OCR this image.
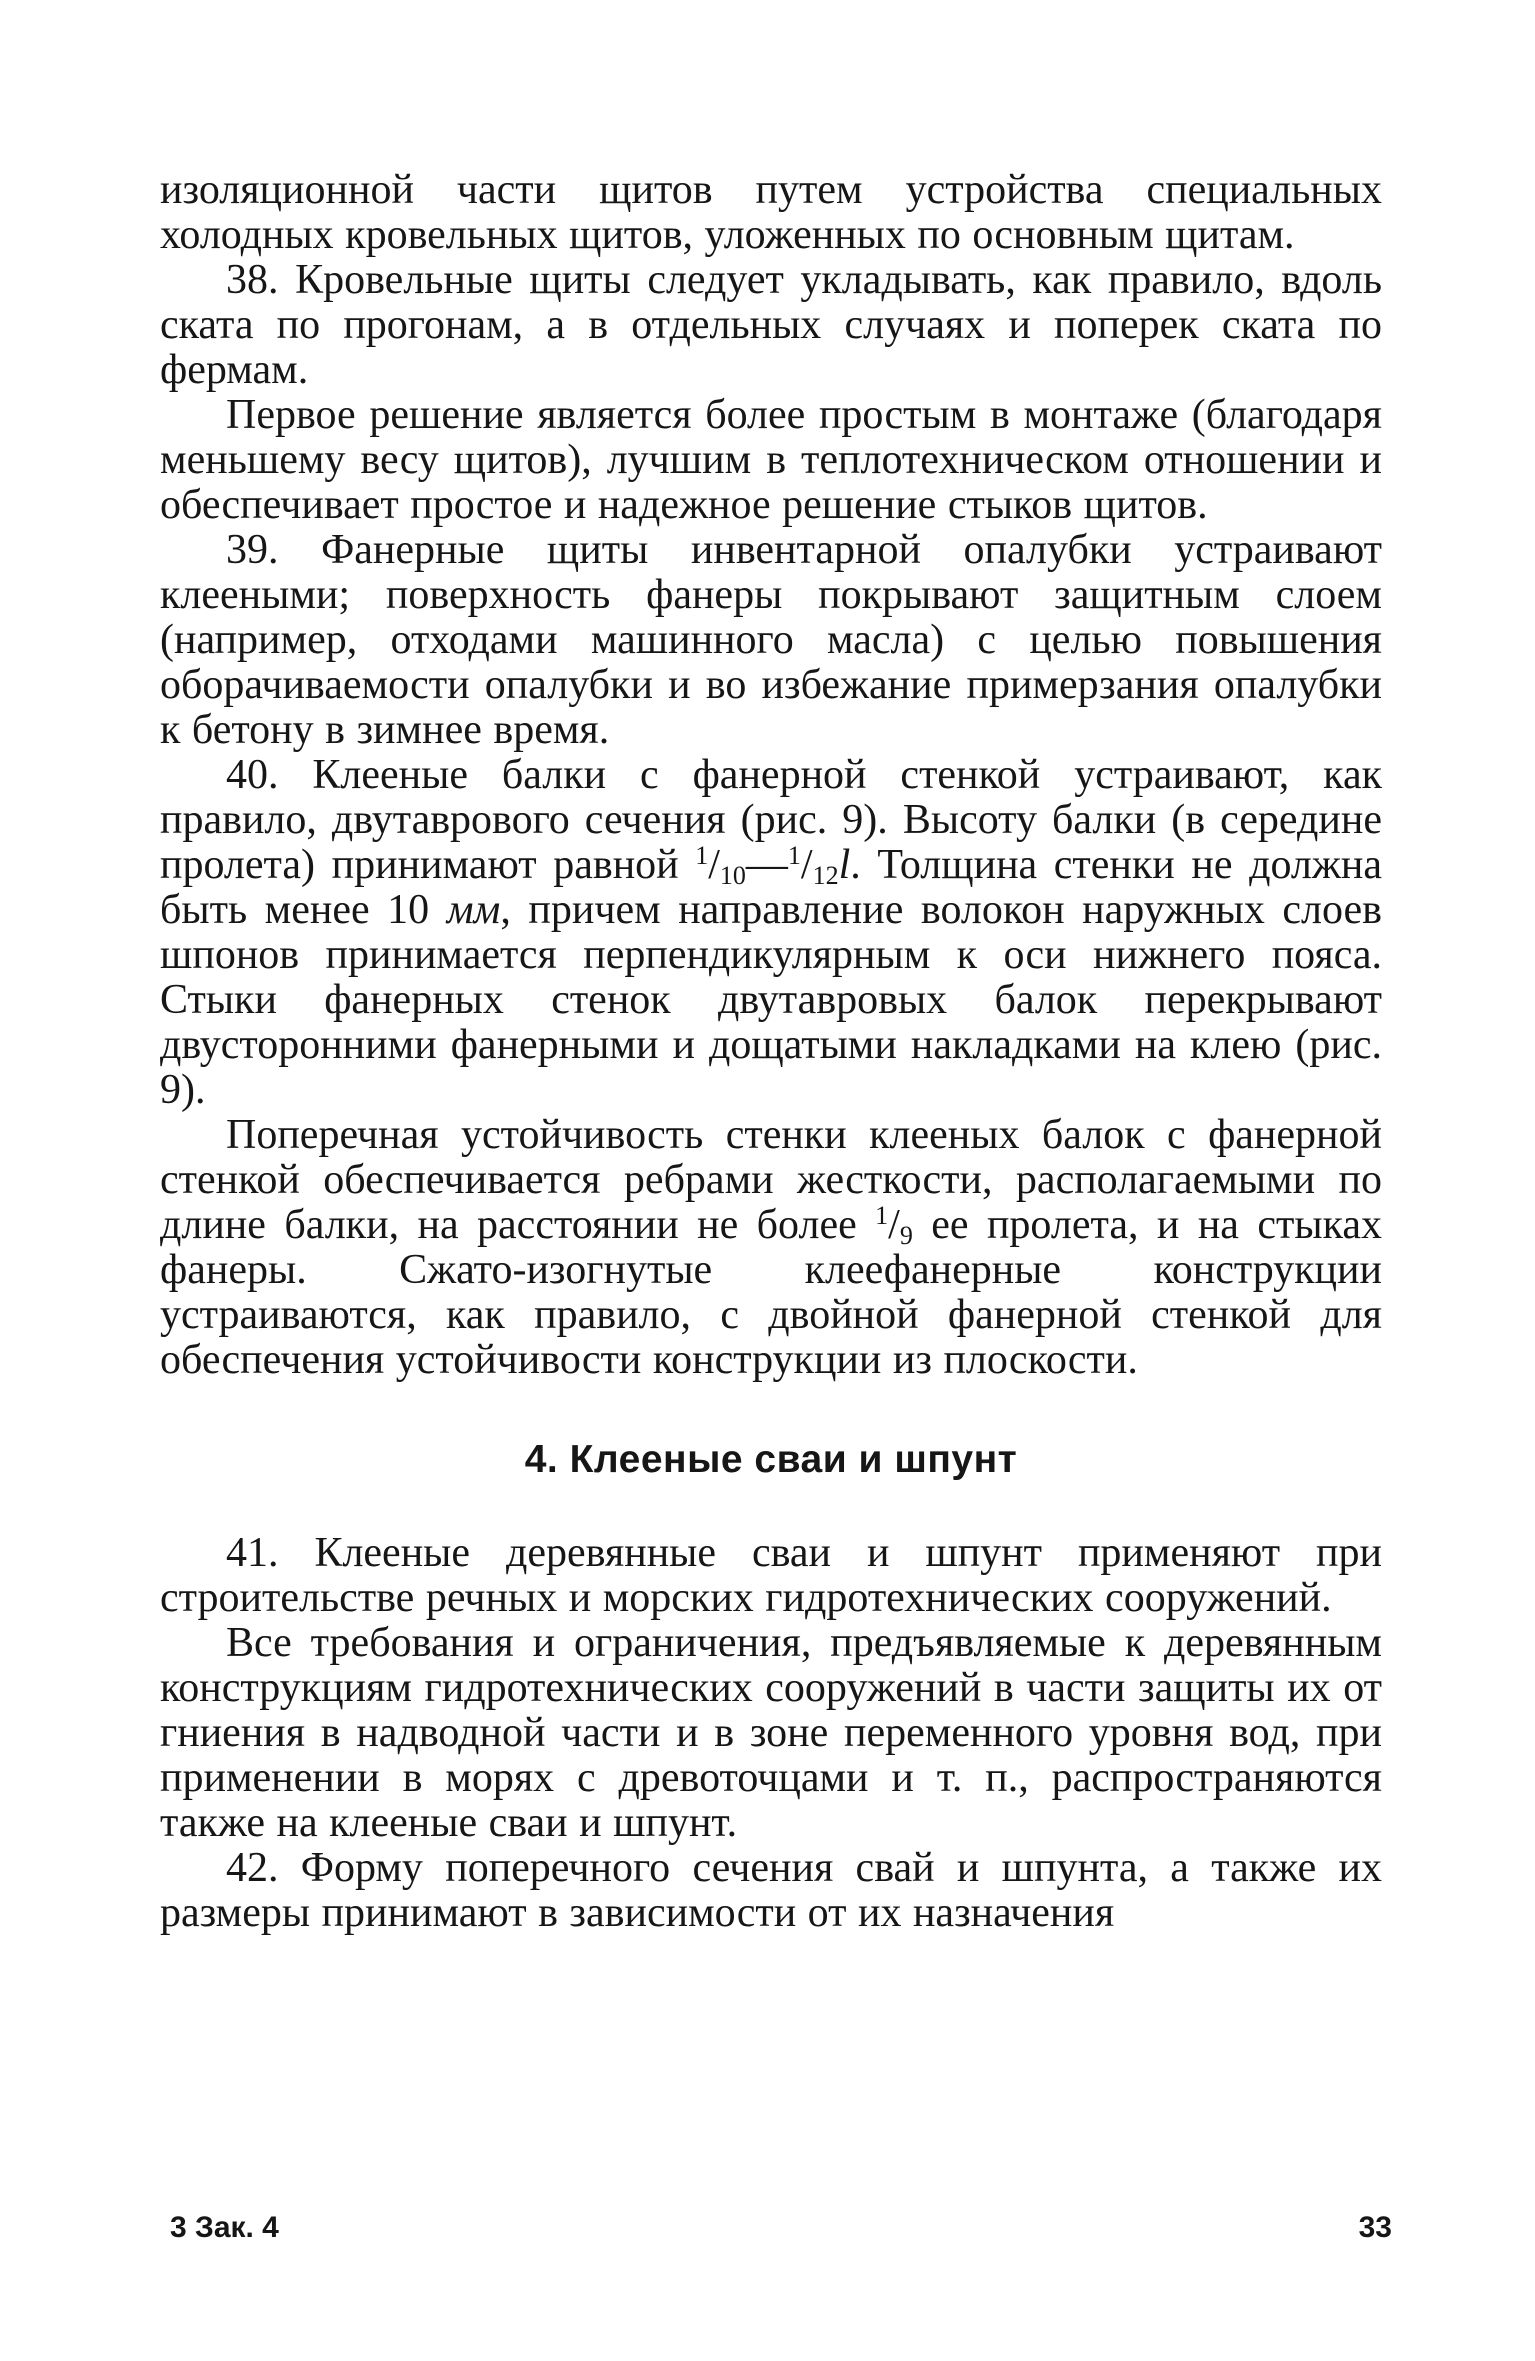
изоляционной части щитов путем устройства специальных холодных кровельных щитов, уложенных по основным щитам.

38. Кровельные щиты следует укладывать, как правило, вдоль ската по прогонам, а в отдельных случаях и поперек ската по фермам.

Первое решение является более простым в монтаже (благодаря меньшему весу щитов), лучшим в теплотехническом отношении и обеспечивает простое и надежное решение стыков щитов.

39. Фанерные щиты инвентарной опалубки устраивают клееными; поверхность фанеры покрывают защитным слоем (например, отходами машинного масла) с целью повышения оборачиваемости опалубки и во избежание примерзания опалубки к бетону в зимнее время.

40. Клееные балки с фанерной стенкой устраивают, как правило, двутаврового сечения (рис. 9). Высоту балки (в середине пролета) принимают равной $^1$/10—$^1$/12l. Толщина стенки не должна быть менее 10 мм, причем направление волокон наружных слоев шпонов принимается перпендикулярным к оси нижнего пояса. Стыки фанерных стенок двутавровых балок перекрывают двусторонними фанерными и дощатыми накладками на клею (рис. 9).

Поперечная устойчивость стенки клееных балок с фанерной стенкой обеспечивается ребрами жесткости, располагаемыми по длине балки, на расстоянии не более $^1$/9 ее пролета, и на стыках фанеры. Сжато-изогнутые клеефанерные конструкции устраиваются, как правило, с двойной фанерной стенкой для обеспечения устойчивости конструкции из плоскости.

4. Клееные сваи и шпунт

41. Клееные деревянные сваи и шпунт применяют при строительстве речных и морских гидротехнических сооружений.

Все требования и ограничения, предъявляемые к деревянным конструкциям гидротехнических сооружений в части защиты их от гниения в надводной части и в зоне переменного уровня вод, при применении в морях с древоточцами и т. п., распространяются также на клееные сваи и шпунт.

42. Форму поперечного сечения свай и шпунта, а также их размеры принимают в зависимости от их назначения

3 Зак. 4	33
